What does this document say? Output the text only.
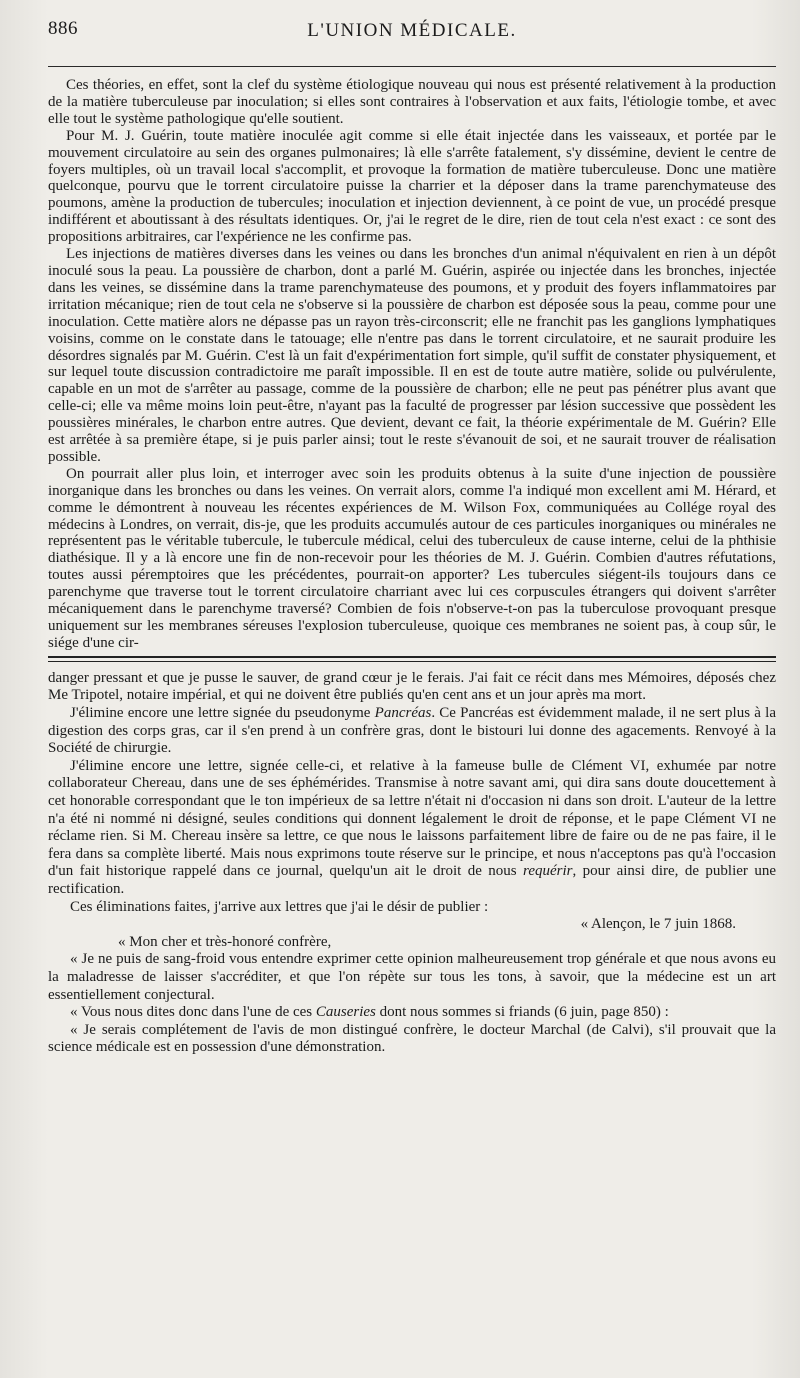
886	L'UNION MÉDICALE.

Ces théories, en effet, sont la clef du système étiologique nouveau qui nous est présenté relativement à la production de la matière tuberculeuse par inoculation; si elles sont contraires à l'observation et aux faits, l'étiologie tombe, et avec elle tout le système pathologique qu'elle soutient.

Pour M. J. Guérin, toute matière inoculée agit comme si elle était injectée dans les vaisseaux, et portée par le mouvement circulatoire au sein des organes pulmonaires; là elle s'arrête fatalement, s'y dissémine, devient le centre de foyers multiples, où un travail local s'accomplit, et provoque la formation de matière tuberculeuse. Donc une matière quelconque, pourvu que le torrent circulatoire puisse la charrier et la déposer dans la trame parenchymateuse des poumons, amène la production de tubercules; inoculation et injection deviennent, à ce point de vue, un procédé presque indifférent et aboutissant à des résultats identiques. Or, j'ai le regret de le dire, rien de tout cela n'est exact : ce sont des propositions arbitraires, car l'expérience ne les confirme pas.

Les injections de matières diverses dans les veines ou dans les bronches d'un animal n'équivalent en rien à un dépôt inoculé sous la peau. La poussière de charbon, dont a parlé M. Guérin, aspirée ou injectée dans les bronches, injectée dans les veines, se dissémine dans la trame parenchymateuse des poumons, et y produit des foyers inflammatoires par irritation mécanique; rien de tout cela ne s'observe si la poussière de charbon est déposée sous la peau, comme pour une inoculation. Cette matière alors ne dépasse pas un rayon très-circonscrit; elle ne franchit pas les ganglions lymphatiques voisins, comme on le constate dans le tatouage; elle n'entre pas dans le torrent circulatoire, et ne saurait produire les désordres signalés par M. Guérin. C'est là un fait d'expérimentation fort simple, qu'il suffit de constater physiquement, et sur lequel toute discussion contradictoire me paraît impossible. Il en est de toute autre matière, solide ou pulvérulente, capable en un mot de s'arrêter au passage, comme de la poussière de charbon; elle ne peut pas pénétrer plus avant que celle-ci; elle va même moins loin peut-être, n'ayant pas la faculté de progresser par lésion successive que possèdent les poussières minérales, le charbon entre autres. Que devient, devant ce fait, la théorie expérimentale de M. Guérin? Elle est arrêtée à sa première étape, si je puis parler ainsi; tout le reste s'évanouit de soi, et ne saurait trouver de réalisation possible.

On pourrait aller plus loin, et interroger avec soin les produits obtenus à la suite d'une injection de poussière inorganique dans les bronches ou dans les veines. On verrait alors, comme l'a indiqué mon excellent ami M. Hérard, et comme le démontrent à nouveau les récentes expériences de M. Wilson Fox, communiquées au Collége royal des médecins à Londres, on verrait, dis-je, que les produits accumulés autour de ces particules inorganiques ou minérales ne représentent pas le véritable tubercule, le tubercule médical, celui des tuberculeux de cause interne, celui de la phthisie diathésique. Il y a là encore une fin de non-recevoir pour les théories de M. J. Guérin. Combien d'autres réfutations, toutes aussi péremptoires que les précédentes, pourrait-on apporter? Les tubercules siégent-ils toujours dans ce parenchyme que traverse tout le torrent circulatoire charriant avec lui ces corpuscules étrangers qui doivent s'arrêter mécaniquement dans le parenchyme traversé? Combien de fois n'observe-t-on pas la tuberculose provoquant presque uniquement sur les membranes séreuses l'explosion tuberculeuse, quoique ces membranes ne soient pas, à coup sûr, le siége d'une cir-

danger pressant et que je pusse le sauver, de grand cœur je le ferais. J'ai fait ce récit dans mes Mémoires, déposés chez Me Tripotel, notaire impérial, et qui ne doivent être publiés qu'en cent ans et un jour après ma mort.

J'élimine encore une lettre signée du pseudonyme Pancréas. Ce Pancréas est évidemment malade, il ne sert plus à la digestion des corps gras, car il s'en prend à un confrère gras, dont le bistouri lui donne des agacements. Renvoyé à la Société de chirurgie.

J'élimine encore une lettre, signée celle-ci, et relative à la fameuse bulle de Clément VI, exhumée par notre collaborateur Chereau, dans une de ses éphémérides. Transmise à notre savant ami, qui dira sans doute doucettement à cet honorable correspondant que le ton impérieux de sa lettre n'était ni d'occasion ni dans son droit. L'auteur de la lettre n'a été ni nommé ni désigné, seules conditions qui donnent légalement le droit de réponse, et le pape Clément VI ne réclame rien. Si M. Chereau insère sa lettre, ce que nous le laissons parfaitement libre de faire ou de ne pas faire, il le fera dans sa complète liberté. Mais nous exprimons toute réserve sur le principe, et nous n'acceptons pas qu'à l'occasion d'un fait historique rappelé dans ce journal, quelqu'un ait le droit de nous requérir, pour ainsi dire, de publier une rectification.

Ces éliminations faites, j'arrive aux lettres que j'ai le désir de publier :

« Alençon, le 7 juin 1868.

« Mon cher et très-honoré confrère,

« Je ne puis de sang-froid vous entendre exprimer cette opinion malheureusement trop générale et que nous avons eu la maladresse de laisser s'accréditer, et que l'on répète sur tous les tons, à savoir, que la médecine est un art essentiellement conjectural.

« Vous nous dites donc dans l'une de ces Causeries dont nous sommes si friands (6 juin, page 850) :

« Je serais complétement de l'avis de mon distingué confrère, le docteur Marchal (de Calvi), s'il prouvait que la science médicale est en possession d'une démonstration.
